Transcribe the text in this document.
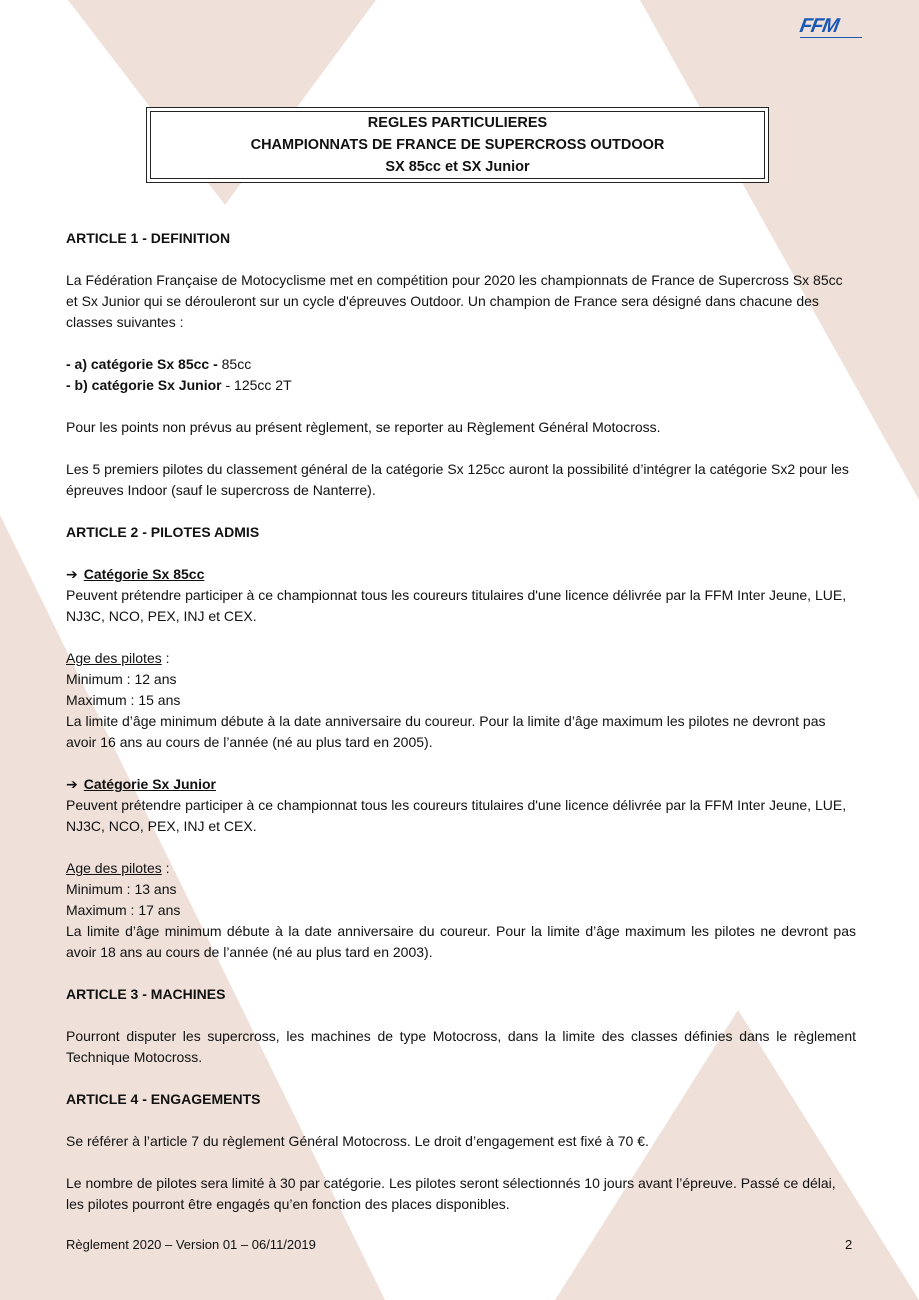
FFM
REGLES PARTICULIERES
CHAMPIONNATS DE FRANCE DE SUPERCROSS OUTDOOR
SX 85cc et SX Junior

ARTICLE 1 - DEFINITION

La Fédération Française de Motocyclisme met en compétition pour 2020 les championnats de France de Supercross Sx 85cc et Sx Junior qui se dérouleront sur un cycle d'épreuves Outdoor. Un champion de France sera désigné dans chacune des classes suivantes :

- a) catégorie Sx 85cc - 85cc

- b) catégorie Sx Junior - 125cc 2T

Pour les points non prévus au présent règlement, se reporter au Règlement Général Motocross.

Les 5 premiers pilotes du classement général de la catégorie Sx 125cc auront la possibilité d’intégrer la catégorie Sx2 pour les épreuves Indoor (sauf le supercross de Nanterre).

ARTICLE 2 - PILOTES ADMIS

➔ Catégorie Sx 85cc

Peuvent prétendre participer à ce championnat tous les coureurs titulaires d'une licence délivrée par la FFM Inter Jeune, LUE, NJ3C, NCO, PEX, INJ et CEX.

Age des pilotes :

Minimum : 12 ans

Maximum : 15 ans

La limite d’âge minimum débute à la date anniversaire du coureur. Pour la limite d’âge maximum les pilotes ne devront pas avoir 16 ans au cours de l’année (né au plus tard en 2005).

➔ Catégorie Sx Junior

Peuvent prétendre participer à ce championnat tous les coureurs titulaires d'une licence délivrée par la FFM Inter Jeune, LUE, NJ3C, NCO, PEX, INJ et CEX.

Age des pilotes :

Minimum : 13 ans

Maximum : 17 ans

La limite d’âge minimum débute à la date anniversaire du coureur. Pour la limite d’âge maximum les pilotes ne devront pas avoir 18 ans au cours de l’année (né au plus tard en 2003).

ARTICLE 3 - MACHINES

Pourront disputer les supercross, les machines de type Motocross, dans la limite des classes définies dans le règlement Technique Motocross.

ARTICLE 4 - ENGAGEMENTS

Se référer à l’article 7 du règlement Général Motocross. Le droit d’engagement est fixé à 70 €.

Le nombre de pilotes sera limité à 30 par catégorie. Les pilotes seront sélectionnés 10 jours avant l’épreuve. Passé ce délai, les pilotes pourront être engagés qu’en fonction des places disponibles.

Règlement 2020 – Version 01 – 06/11/2019	2
